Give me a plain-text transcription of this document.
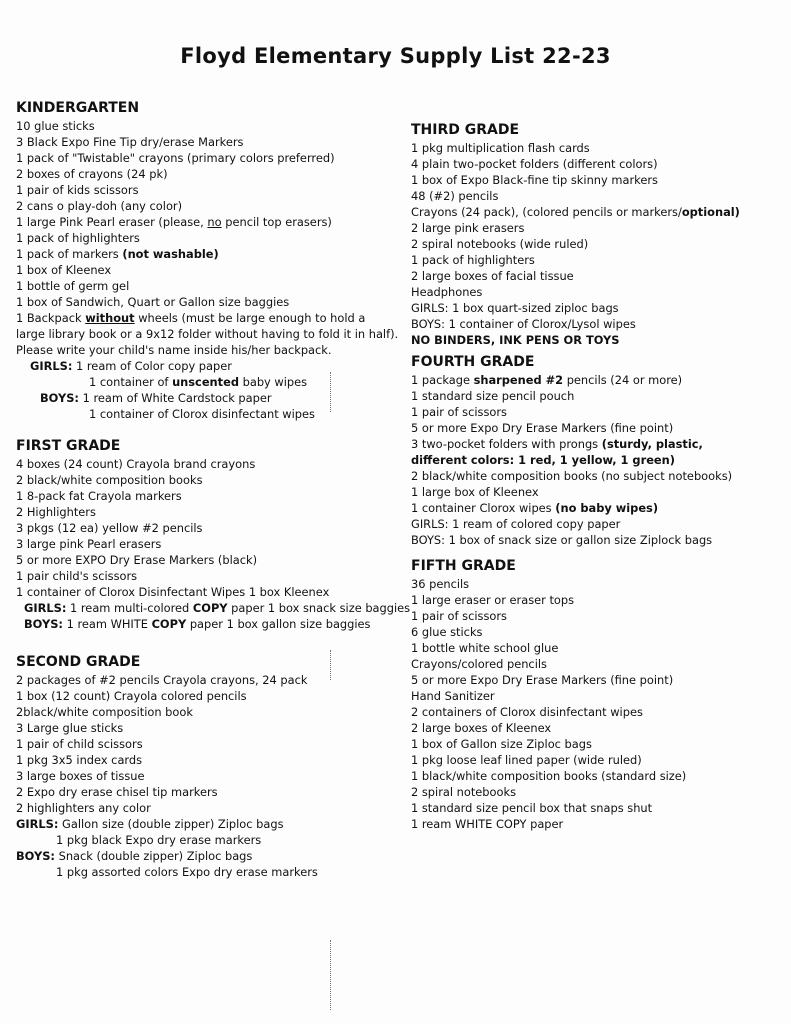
Floyd Elementary Supply List 22-23
KINDERGARTEN
10 glue sticks
3 Black Expo Fine Tip dry/erase Markers
1 pack of "Twistable" crayons (primary colors preferred)
2 boxes of crayons (24 pk)
1 pair of kids scissors
2 cans o play-doh (any color)
1 large Pink Pearl eraser (please, no pencil top erasers)
1 pack of highlighters
1 pack of markers (not washable)
1 box of Kleenex
1 bottle of germ gel
1 box of Sandwich, Quart or Gallon size baggies
1 Backpack without wheels (must be large enough to hold a
large library book or a 9x12 folder without having to fold it in half).
Please write your child's name inside his/her backpack.
GIRLS: 1 ream of Color copy paper
1 container of unscented baby wipes
BOYS: 1 ream of White Cardstock paper
1 container of Clorox disinfectant wipes
FIRST GRADE
4 boxes (24 count) Crayola brand crayons
2 black/white composition books
1 8-pack fat Crayola markers
2 Highlighters
3 pkgs (12 ea) yellow #2 pencils
3 large pink Pearl erasers
5 or more EXPO Dry Erase Markers (black)
1 pair child's scissors
1 container of Clorox Disinfectant Wipes 1 box Kleenex
GIRLS: 1 ream multi-colored COPY paper 1 box snack size baggies
BOYS: 1 ream WHITE COPY paper 1 box gallon size baggies
SECOND GRADE
2 packages of #2 pencils Crayola crayons, 24 pack
1 box (12 count) Crayola colored pencils
2black/white composition book
3 Large glue sticks
1 pair of child scissors
1 pkg 3x5 index cards
3 large boxes of tissue
2 Expo dry erase chisel tip markers
2 highlighters any color
GIRLS: Gallon size (double zipper) Ziploc bags
1 pkg black Expo dry erase markers
BOYS: Snack (double zipper) Ziploc bags
1 pkg assorted colors Expo dry erase markers
THIRD GRADE
1 pkg multiplication flash cards
4 plain two-pocket folders (different colors)
1 box of Expo Black-fine tip skinny markers
48 (#2) pencils
Crayons (24 pack), (colored pencils or markers/optional)
2 large pink erasers
2 spiral notebooks (wide ruled)
1 pack of highlighters
2 large boxes of facial tissue
Headphones
GIRLS: 1 box quart-sized ziploc bags
BOYS: 1 container of Clorox/Lysol wipes
NO BINDERS, INK PENS OR TOYS
FOURTH GRADE
1 package sharpened #2 pencils (24 or more)
1 standard size pencil pouch
1 pair of scissors
5 or more Expo Dry Erase Markers (fine point)
3 two-pocket folders with prongs (sturdy, plastic,
different colors: 1 red, 1 yellow, 1 green)
2 black/white composition books (no subject notebooks)
1 large box of Kleenex
1 container Clorox wipes (no baby wipes)
GIRLS: 1 ream of colored copy paper
BOYS: 1 box of snack size or gallon size Ziplock bags
FIFTH GRADE
36 pencils
1 large eraser or eraser tops
1 pair of scissors
6 glue sticks
1 bottle white school glue
Crayons/colored pencils
5 or more Expo Dry Erase Markers (fine point)
Hand Sanitizer
2 containers of Clorox disinfectant wipes
2 large boxes of Kleenex
1 box of Gallon size Ziploc bags
1 pkg loose leaf lined paper (wide ruled)
1 black/white composition books (standard size)
2 spiral notebooks
1 standard size pencil box that snaps shut
1 ream WHITE COPY paper
